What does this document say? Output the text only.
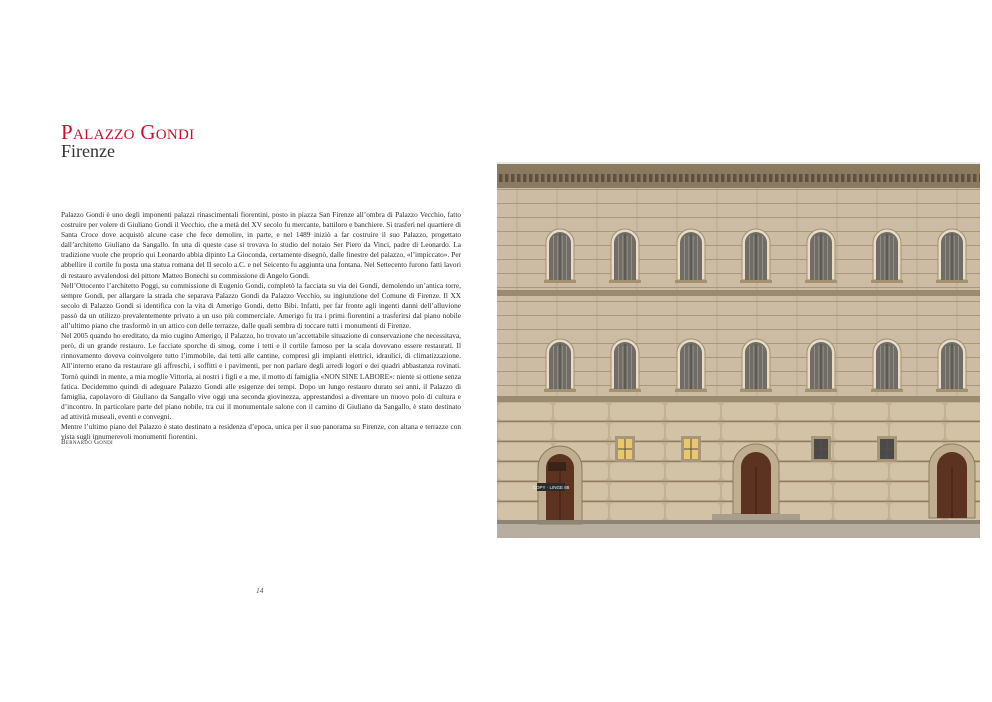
Palazzo Gondi
Firenze

Palazzo Gondi è uno degli imponenti palazzi rinascimentali fiorentini, posto in piazza San Firenze all’ombra di Palazzo Vecchio, fatto costruire per volere di Giuliano Gondi il Vecchio, che a metà del XV secolo fu mercante, battiloro e banchiere. Si trasferì nel quartiere di Santa Croce dove acquistò alcune case che fece demolire, in parte, e nel 1489 iniziò a far costruire il suo Palazzo, progettato dall’architetto Giuliano da Sangallo. In una di queste case si trovava lo studio del notaio Ser Piero da Vinci, padre di Leonardo. La tradizione vuole che proprio qui Leonardo abbia dipinto La Gioconda, certamente disegnò, dalle finestre del palazzo, «l’impiccato». Per abbellire il cortile fu posta una statua romana del II secolo a.C. e nel Seicento fu aggiunta una fontana. Nel Settecento furono fatti lavori di restauro avvalendosi del pittore Matteo Bonechi su commissione di Angelo Gondi.

Nell’Ottocento l’architetto Poggi, su commissione di Eugenio Gondi, completò la facciata su via dei Gondi, demolendo un’antica torre, sempre Gondi, per allargare la strada che separava Palazzo Gondi da Palazzo Vecchio, su ingiunzione del Comune di Firenze. Il XX secolo di Palazzo Gondi si identifica con la vita di Amerigo Gondi, detto Bibi. Infatti, per far fronte agli ingenti danni dell’alluvione passò da un utilizzo prevalentemente privato a un uso più commerciale. Amerigo fu tra i primi fiorentini a trasferirsi dal piano nobile all’ultimo piano che trasformò in un attico con delle terrazze, dalle quali sembra di toccare tutti i monumenti di Firenze.

Nel 2005 quando ho ereditato, da mio cugino Amerigo, il Palazzo, ho trovato un’accettabile situazione di conservazione che necessitava, però, di un grande restauro. Le facciate sporche di smog, come i tetti e il cortile famoso per la scala dovevano essere restaurati. Il rinnovamento doveva coinvolgere tutto l’immobile, dai tetti alle cantine, compresi gli impianti elettrici, idraulici, di climatizzazione. All’interno erano da restaurare gli affreschi, i soffitti e i pavimenti, per non parlare degli arredi logori e dei quadri abbastanza rovinati. Tornò quindi in mente, a mia moglie Vittoria, ai nostri i figli e a me, il motto di famiglia «NON SINE LABORE»: niente si ottiene senza fatica. Decidemmo quindi di adeguare Palazzo Gondi alle esigenze dei tempi. Dopo un lungo restauro durato sei anni, il Palazzo di famiglia, capolavoro di Giuliano da Sangallo vive oggi una seconda giovinezza, apprestandosi a diventare un nuovo polo di cultura e d’incontro. In particolare parte del piano nobile, tra cui il monumentale salone con il camino di Giuliano da Sangallo, è stato destinato ad attività museali, eventi e convegni.

Mentre l’ultimo piano del Palazzo è stato destinato a residenza d’epoca, unica per il suo panorama su Firenze, con altana e terrazze con vista sugli innumerevoli monumenti fiorentini.

Bernardo Gondi
14
COPY · LINGE 88
